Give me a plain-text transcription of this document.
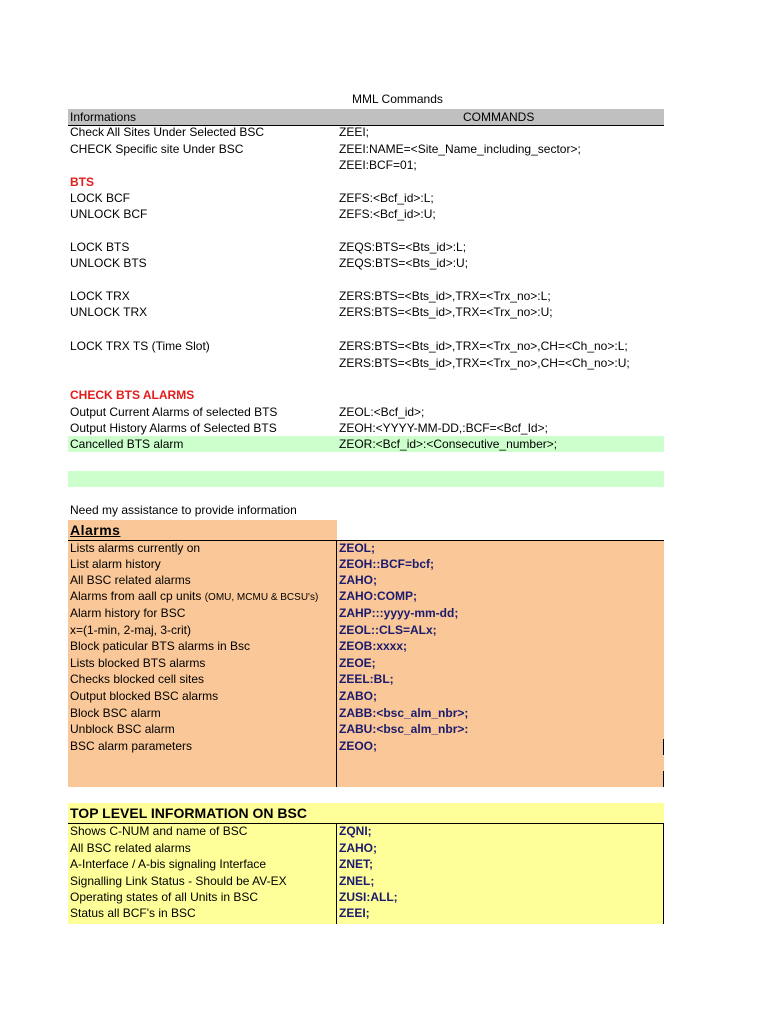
MML Commands
Informations	COMMANDS
Check All Sites Under Selected BSC	ZEEI;
CHECK Specific site Under BSC	ZEEI:NAME=<Site_Name_including_sector>;
ZEEI:BCF=01;
BTS
LOCK BCF	ZEFS:<Bcf_id>:L;
UNLOCK BCF	ZEFS:<Bcf_id>:U;
LOCK BTS	ZEQS:BTS=<Bts_id>:L;
UNLOCK BTS	ZEQS:BTS=<Bts_id>:U;
LOCK TRX	ZERS:BTS=<Bts_id>,TRX=<Trx_no>:L;
UNLOCK TRX	ZERS:BTS=<Bts_id>,TRX=<Trx_no>:U;
LOCK TRX TS (Time Slot)	ZERS:BTS=<Bts_id>,TRX=<Trx_no>,CH=<Ch_no>:L;
ZERS:BTS=<Bts_id>,TRX=<Trx_no>,CH=<Ch_no>:U;
CHECK BTS ALARMS
Output Current Alarms of selected BTS	ZEOL:<Bcf_id>;
Output History Alarms of Selected BTS	ZEOH:<YYYY-MM-DD,:BCF=<Bcf_Id>;
Cancelled BTS alarm	ZEOR:<Bcf_id>:<Consecutive_number>;
Need my assistance to provide information
Alarms
Lists alarms currently on	ZEOL;
List alarm history	ZEOH::BCF=bcf;
All BSC related alarms	ZAHO;
Alarms from aall cp units (OMU, MCMU & BCSU's) ZAHO:COMP;
Alarm history for BSC	ZAHP:::yyyy-mm-dd;
x=(1-min, 2-maj, 3-crit)	ZEOL::CLS=ALx;
Block paticular BTS alarms in Bsc	ZEOB:xxxx;
Lists blocked BTS alarms	ZEOE;
Checks blocked cell sites	ZEEL:BL;
Output blocked BSC alarms	ZABO;
Block BSC alarm	ZABB:<bsc_alm_nbr>;
Unblock BSC alarm	ZABU:<bsc_alm_nbr>:
BSC alarm parameters	ZEOO;
TOP LEVEL INFORMATION ON BSC
Shows C-NUM and name of BSC	ZQNI;
All BSC related alarms	ZAHO;
A-Interface / A-bis signaling Interface	ZNET;
Signalling Link Status - Should be AV-EX	ZNEL;
Operating states of all Units in BSC	ZUSI:ALL;
Status all BCF's in BSC	ZEEI;
